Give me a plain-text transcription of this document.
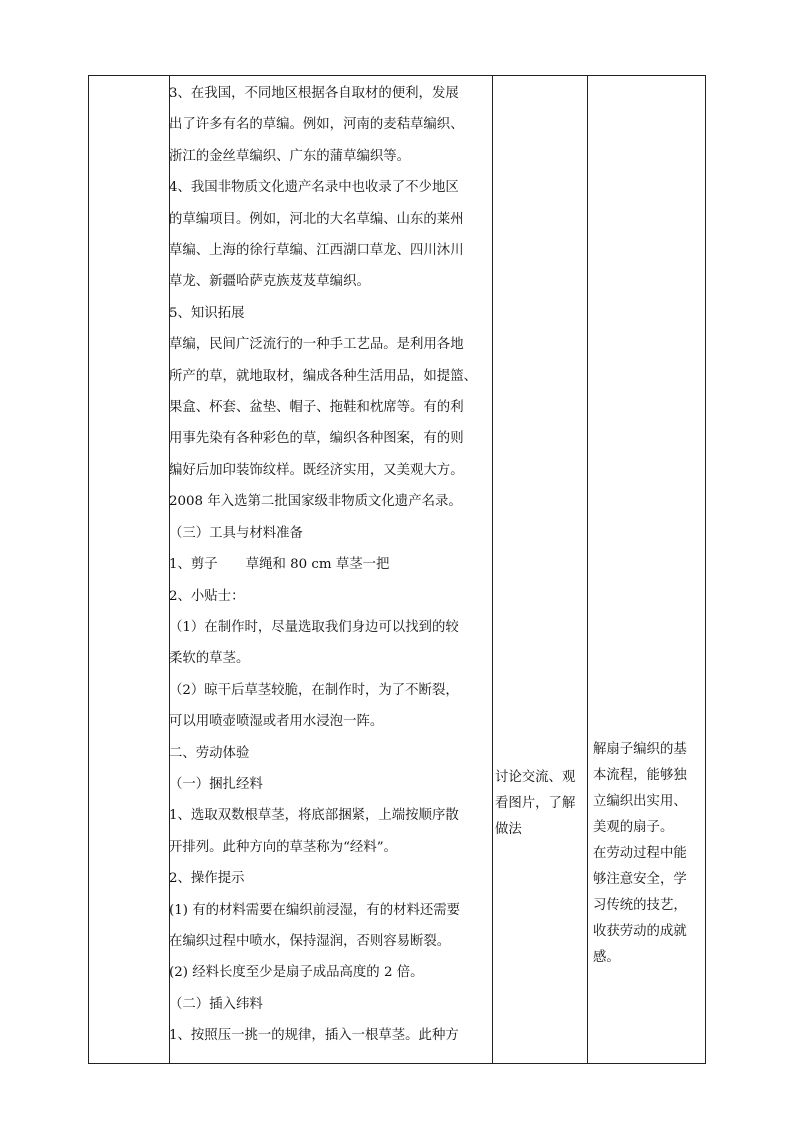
3、在我国，不同地区根据各自取材的便利，发展

出了许多有名的草编。例如，河南的麦秸草编织、

浙江的金丝草编织、广东的蒲草编织等。

4、我国非物质文化遗产名录中也收录了不少地区

的草编项目。例如，河北的大名草编、山东的莱州

草编、上海的徐行草编、江西湖口草龙、四川沐川

草龙、新疆哈萨克族芨芨草编织。

5、知识拓展

草编，民间广泛流行的一种手工艺品。是利用各地

所产的草，就地取材，编成各种生活用品，如提篮、

果盒、杯套、盆垫、帽子、拖鞋和枕席等。有的利

用事先染有各种彩色的草，编织各种图案，有的则

编好后加印装饰纹样。既经济实用，又美观大方。

2008 年入选第二批国家级非物质文化遗产名录。

（三）工具与材料准备

1、剪子 草绳和 80 cm 草茎一把

2、小贴士：

（1）在制作时，尽量选取我们身边可以找到的较

柔软的草茎。

（2）晾干后草茎较脆，在制作时，为了不断裂，

可以用喷壶喷湿或者用水浸泡一阵。

二、劳动体验

（一）捆扎经料

1、选取双数根草茎，将底部捆紧，上端按顺序散

开排列。此种方向的草茎称为“经料”。

2、操作提示

(1) 有的材料需要在编织前浸湿，有的材料还需要

在编织过程中喷水，保持湿润，否则容易断裂。

(2) 经料长度至少是扇子成品高度的 2 倍。

（二）插入纬料

1、按照压一挑一的规律，插入一根草茎。此种方

讨论交流、观

看图片，了解

做法

解扇子编织的基

本流程，能够独

立编织出实用、

美观的扇子。

在劳动过程中能

够注意安全，学

习传统的技艺，

收获劳动的成就

感。
